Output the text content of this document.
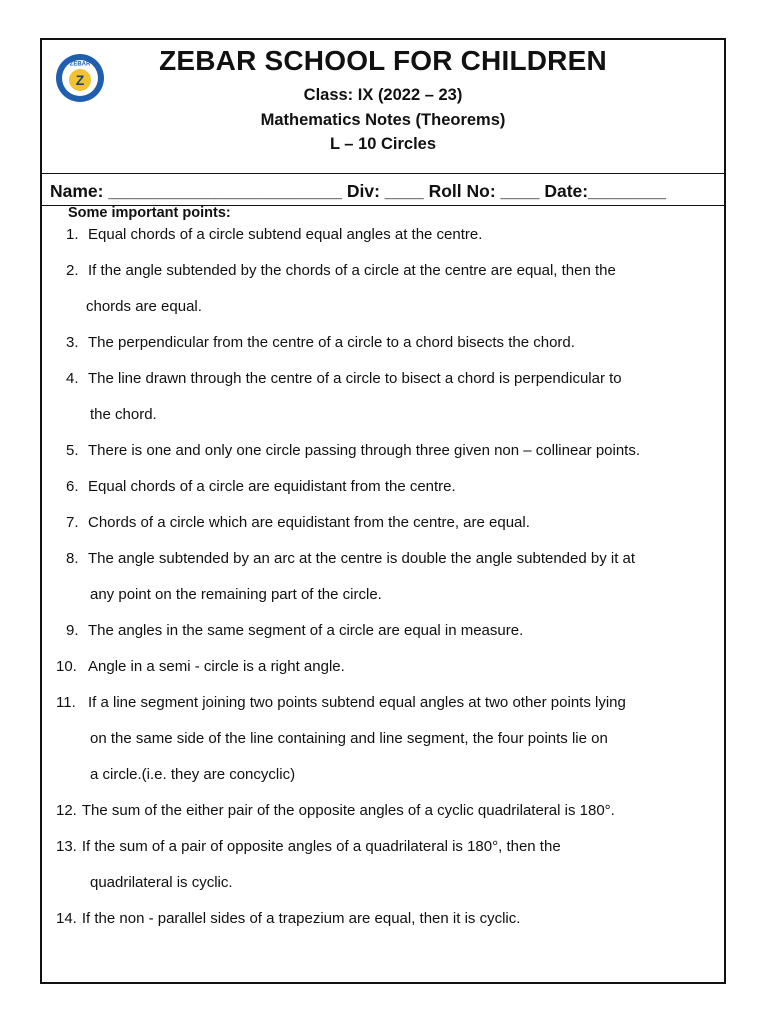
ZEBAR
Z
ZEBAR SCHOOL FOR CHILDREN
Class: IX (2022 – 23)
Mathematics Notes (Theorems)
L – 10 Circles
Name: ________________________ Div: ____ Roll No: ____ Date:________
Some important points:
1. Equal chords of a circle subtend equal angles at the centre.
2. If the angle subtended by the chords of a circle at the centre are equal, then the
chords are equal.
3. The perpendicular from the centre of a circle to a chord bisects the chord.
4. The line drawn through the centre of a circle to bisect a chord is perpendicular to
the chord.
5. There is one and only one circle passing through three given non – collinear points.
6. Equal chords of a circle are equidistant from the centre.
7. Chords of a circle which are equidistant from the centre, are equal.
8. The angle subtended by an arc at the centre is double the angle subtended by it at
any point on the remaining part of the circle.
9. The angles in the same segment of a circle are equal in measure.
10. Angle in a semi - circle is a right angle.
11. If a line segment joining two points subtend equal angles at two other points lying
on the same side of the line containing and line segment, the four points lie on
a circle.(i.e. they are concyclic)
12. The sum of the either pair of the opposite angles of a cyclic quadrilateral is 180°.
13. If the sum of a pair of opposite angles of a quadrilateral is 180°, then the
quadrilateral is cyclic.
14. If the non - parallel sides of a trapezium are equal, then it is cyclic.
